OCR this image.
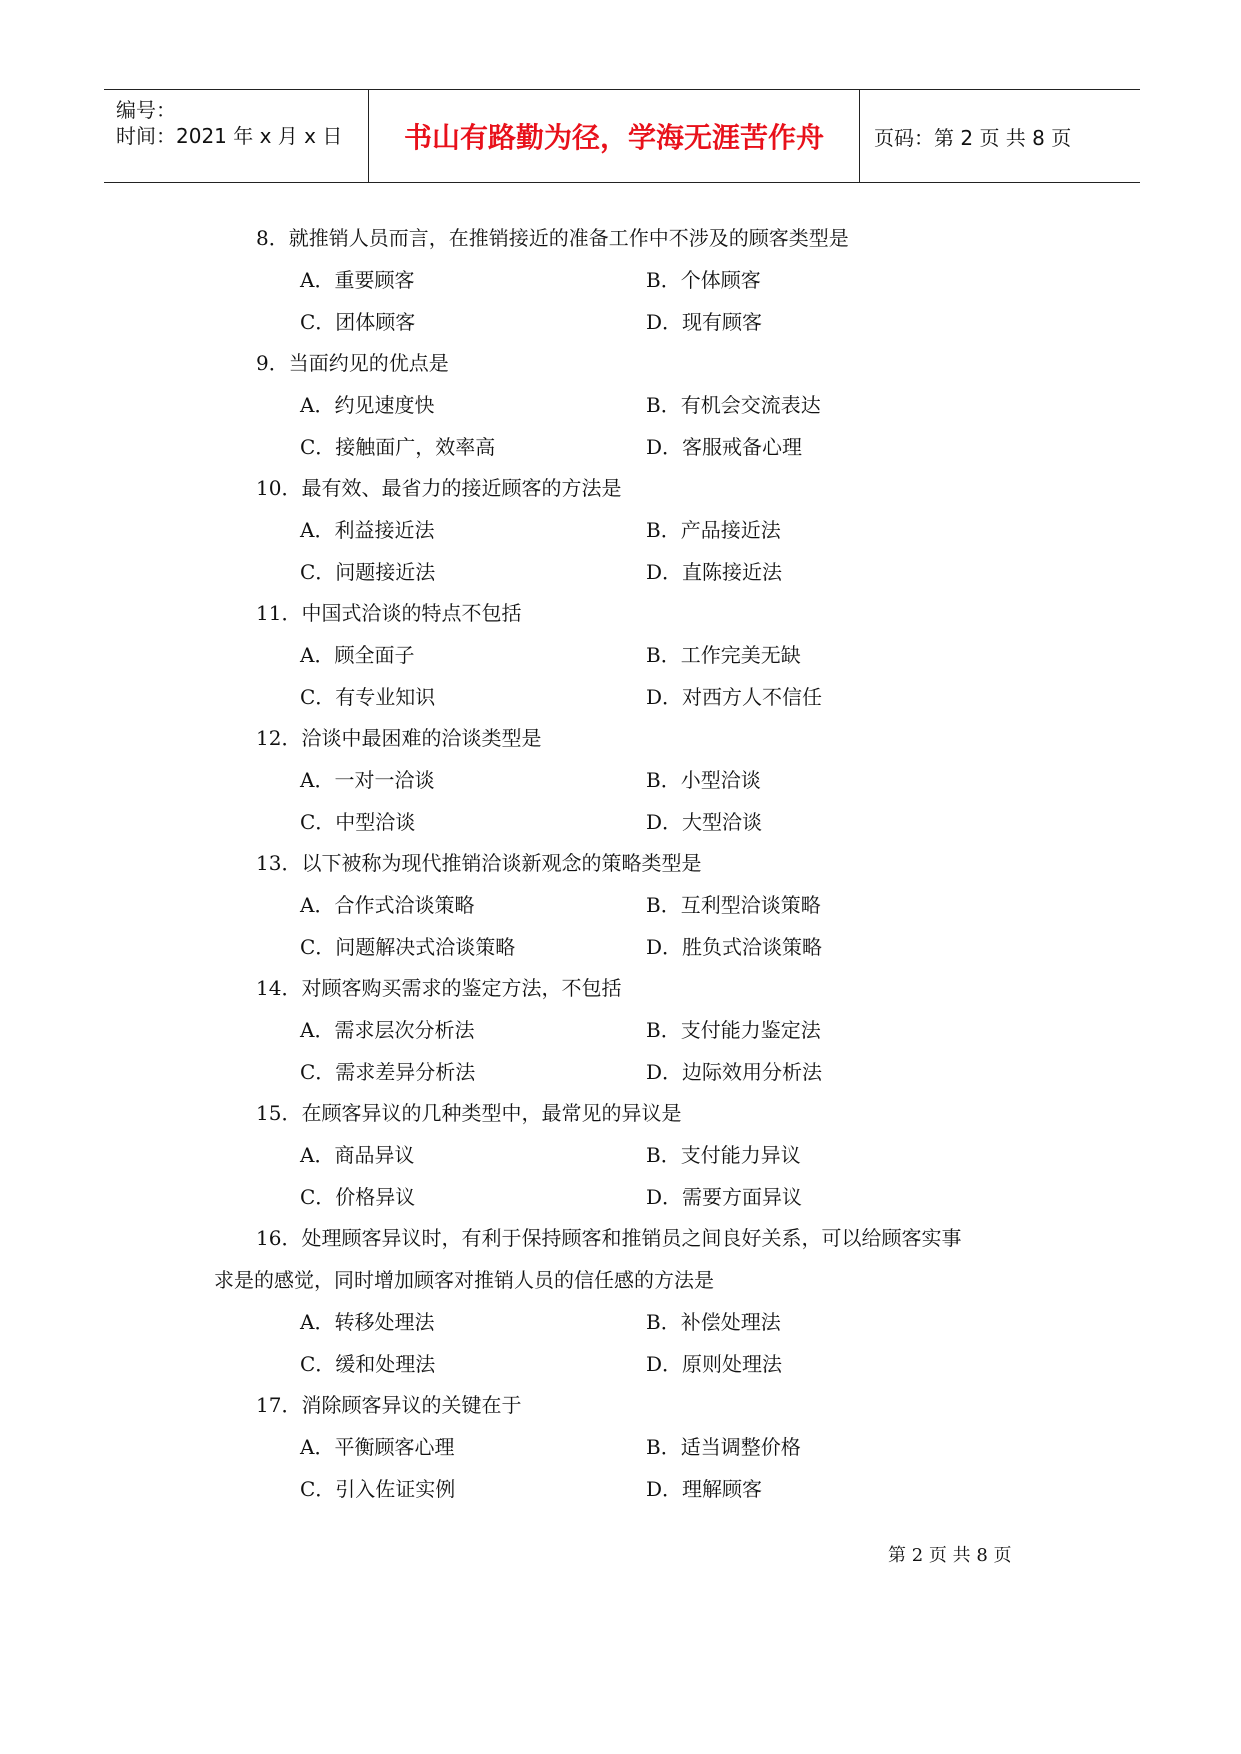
编号：
时间：2021 年 x 月 x 日	书山有路勤为径，学海无涯苦作舟	页码：第 2 页 共 8 页
8．就推销人员而言，在推销接近的准备工作中不涉及的顾客类型是
A．重要顾客	B．个体顾客
C．团体顾客	D．现有顾客
9．当面约见的优点是
A．约见速度快	B．有机会交流表达
C．接触面广，效率高	D．客服戒备心理
10．最有效、最省力的接近顾客的方法是
A．利益接近法	B．产品接近法
C．问题接近法	D．直陈接近法
11．中国式洽谈的特点不包括
A．顾全面子	B．工作完美无缺
C．有专业知识	D．对西方人不信任
12．洽谈中最困难的洽谈类型是
A．一对一洽谈	B．小型洽谈
C．中型洽谈	D．大型洽谈
13．以下被称为现代推销洽谈新观念的策略类型是
A．合作式洽谈策略	B．互利型洽谈策略
C．问题解决式洽谈策略	D．胜负式洽谈策略
14．对顾客购买需求的鉴定方法，不包括
A．需求层次分析法	B．支付能力鉴定法
C．需求差异分析法	D．边际效用分析法
15．在顾客异议的几种类型中，最常见的异议是
A．商品异议	B．支付能力异议
C．价格异议	D．需要方面异议
16．处理顾客异议时，有利于保持顾客和推销员之间良好关系，可以给顾客实事
求是的感觉，同时增加顾客对推销人员的信任感的方法是
A．转移处理法	B．补偿处理法
C．缓和处理法	D．原则处理法
17．消除顾客异议的关键在于
A．平衡顾客心理	B．适当调整价格
C．引入佐证实例	D．理解顾客
第 2 页 共 8 页
